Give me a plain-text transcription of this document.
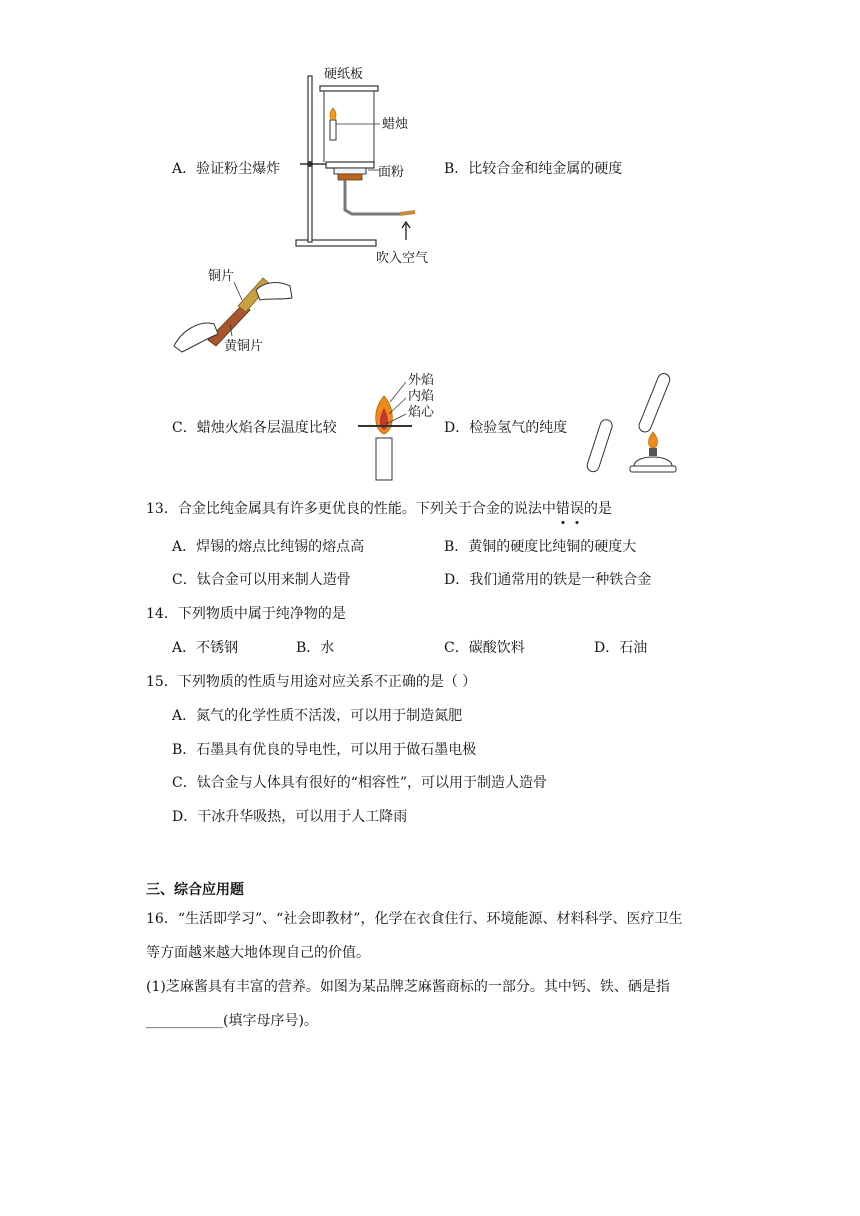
硬纸板
蜡烛
面粉
吹入空气
A．验证粉尘爆炸	B．比较合金和纯金属的硬度
铜片
黄铜片
外焰
内焰
焰心
C．蜡烛火焰各层温度比较	D．检验氢气的纯度
13．合金比纯金属具有许多更优良的性能。下列关于合金的说法中错误的是
A．焊锡的熔点比纯锡的熔点高	B．黄铜的硬度比纯铜的硬度大
C．钛合金可以用来制人造骨	D．我们通常用的铁是一种铁合金
14．下列物质中属于纯净物的是
A．不锈钢	B．水	C．碳酸饮料	D．石油
15．下列物质的性质与用途对应关系不正确的是（ ）
A．氮气的化学性质不活泼，可以用于制造氮肥
B．石墨具有优良的导电性，可以用于做石墨电极
C．钛合金与人体具有很好的“相容性”，可以用于制造人造骨
D．干冰升华吸热，可以用于人工降雨
三、综合应用题
16．“生活即学习”、“社会即教材”，化学在衣食住行、环境能源、材料科学、医疗卫生
等方面越来越大地体现自己的价值。
(1)芝麻酱具有丰富的营养。如图为某品牌芝麻酱商标的一部分。其中钙、铁、硒是指
___________(填字母序号)。
